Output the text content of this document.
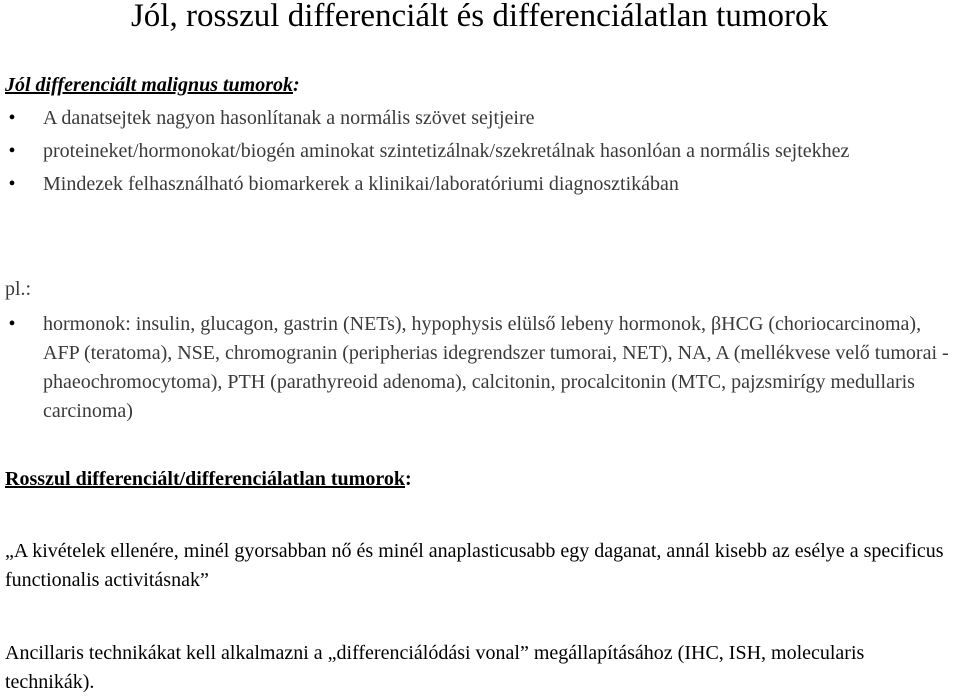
Jól, rosszul differenciált és differenciálatlan tumorok
Jól differenciált malignus tumorok:
• A danatsejtek nagyon hasonlítanak a normális szövet sejtjeire
• proteineket/hormonokat/biogén aminokat szintetizálnak/szekretálnak hasonlóan a normális sejtekhez
• Mindezek felhasználható biomarkerek a klinikai/laboratóriumi diagnosztikában
pl.:
• hormonok: insulin, glucagon, gastrin (NETs), hypophysis elülső lebeny hormonok, βHCG (choriocarcinoma), AFP (teratoma), NSE, chromogranin (peripherias idegrendszer tumorai, NET), NA, A (mellékvese velő tumorai -phaeochromocytoma), PTH (parathyreoid adenoma), calcitonin, procalcitonin (MTC, pajzsmirígy medullaris carcinoma)
Rosszul differenciált/differenciálatlan tumorok:
„A kivételek ellenére, minél gyorsabban nő és minél anaplasticusabb egy daganat, annál kisebb az esélye a specificus functionalis activitásnak”
Ancillaris technikákat kell alkalmazni a „differenciálódási vonal” megállapításához (IHC, ISH, molecularis technikák).
